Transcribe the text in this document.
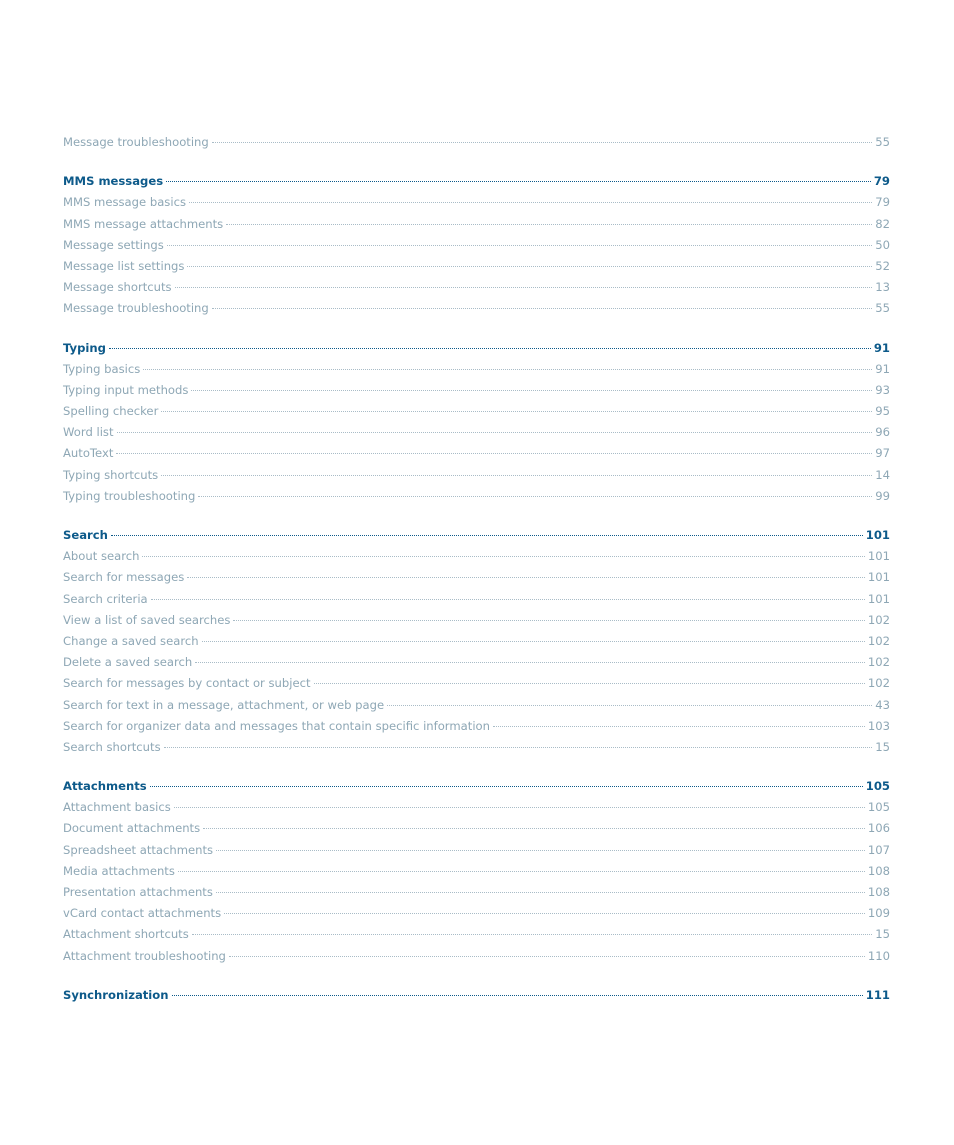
Message troubleshooting	55
MMS messages	79
MMS message basics	79
MMS message attachments	82
Message settings	50
Message list settings	52
Message shortcuts	13
Message troubleshooting	55
Typing	91
Typing basics	91
Typing input methods	93
Spelling checker	95
Word list	96
AutoText	97
Typing shortcuts	14
Typing troubleshooting	99
Search	101
About search	101
Search for messages	101
Search criteria	101
View a list of saved searches	102
Change a saved search	102
Delete a saved search	102
Search for messages by contact or subject	102
Search for text in a message, attachment, or web page	43
Search for organizer data and messages that contain specific information	103
Search shortcuts	15
Attachments	105
Attachment basics	105
Document attachments	106
Spreadsheet attachments	107
Media attachments	108
Presentation attachments	108
vCard contact attachments	109
Attachment shortcuts	15
Attachment troubleshooting	110
Synchronization	111
